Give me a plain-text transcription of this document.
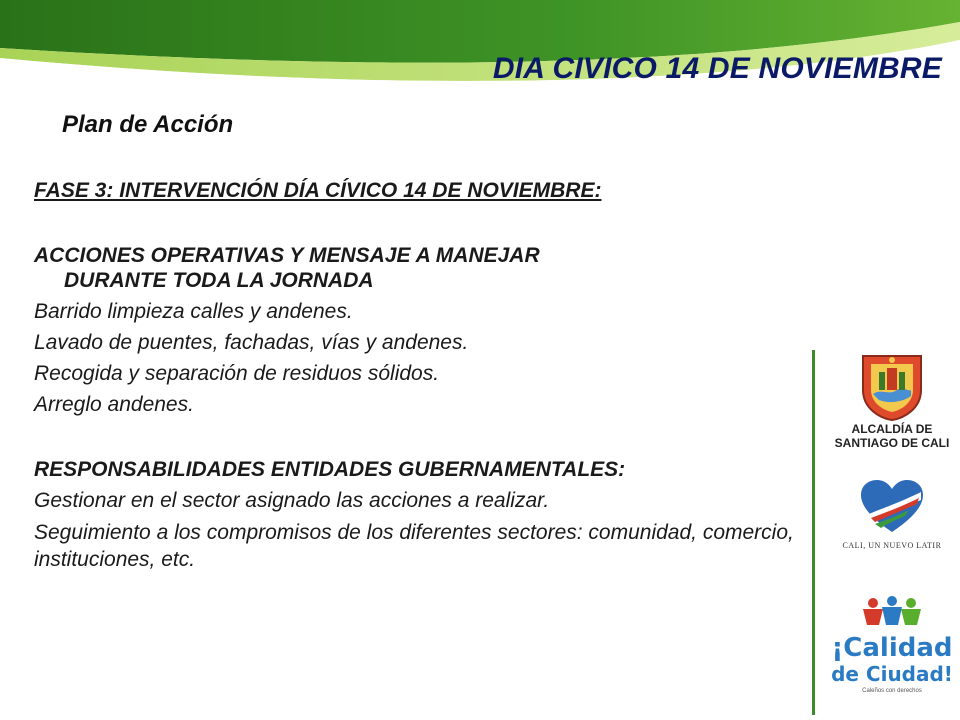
DIA CIVICO 14 DE NOVIEMBRE
Plan de Acción

FASE 3: INTERVENCIÓN DÍA CÍVICO 14 DE NOVIEMBRE:

ACCIONES OPERATIVAS Y MENSAJE A MANEJAR

DURANTE TODA LA JORNADA

Barrido limpieza calles y andenes.

Lavado de puentes, fachadas, vías y andenes.

Recogida y separación de residuos sólidos.

Arreglo andenes.

RESPONSABILIDADES ENTIDADES GUBERNAMENTALES:

Gestionar en el sector asignado las acciones a realizar.

Seguimiento a los compromisos de los diferentes sectores: comunidad, comercio, instituciones, etc.

ALCALDÍA DE
SANTIAGO DE CALI
CALI, UN NUEVO LATIR
¡Calidad
de Ciudad!
Caleños con derechos
